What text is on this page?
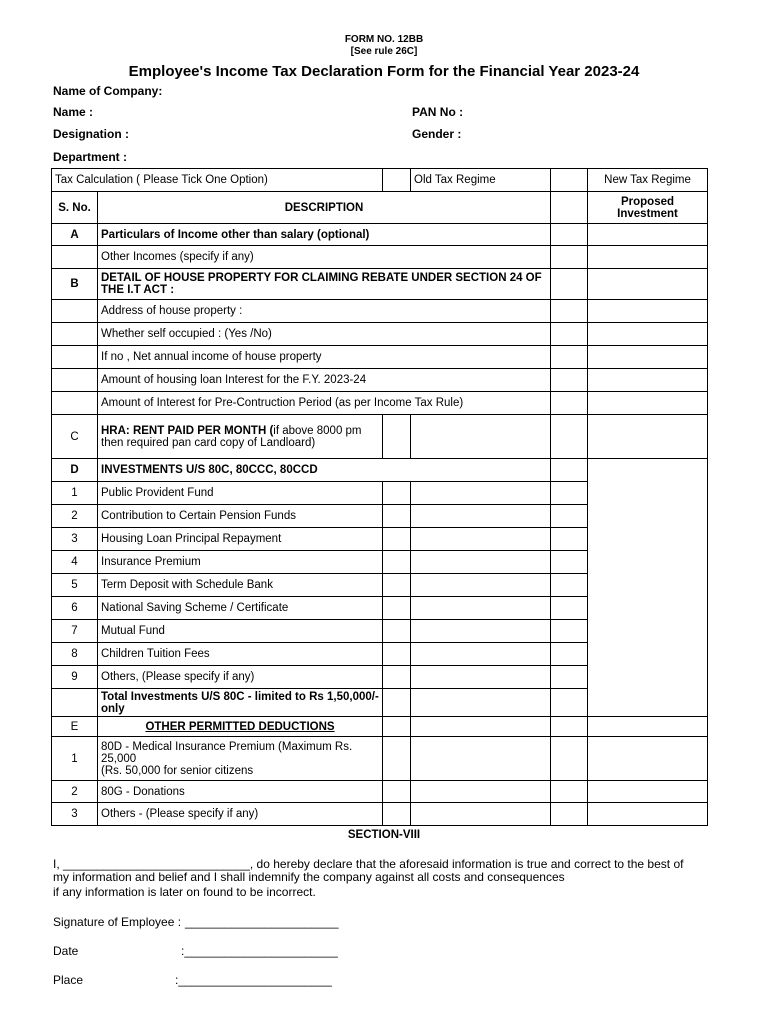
FORM NO. 12BB
[See rule 26C]
Employee's Income Tax Declaration Form for the Financial Year 2023-24
Name of Company:
Name :	PAN No :
Designation :	Gender :
Department :
Tax Calculation ( Please Tick One Option)			Old Tax Regime		New Tax Regime
S. No.	DESCRIPTION				Proposed Investment
A	Particulars of Income other than salary (optional)				
	Other Incomes (specify if any)				
B	DETAIL OF HOUSE PROPERTY FOR CLAIMING REBATE UNDER SECTION 24 OF THE I.T ACT :				
	Address of house property :				
	Whether self occupied : (Yes /No)				
	If no , Net annual income of house property				
	Amount of housing loan Interest for the F.Y. 2023-24				
	Amount of Interest for Pre-Contruction Period (as per Income Tax Rule)				
C	HRA: RENT PAID PER MONTH (if above 8000 pm then required pan card copy of Landloard)				
D	INVESTMENTS U/S 80C, 80CCC, 80CCD				
1	Public Provident Fund				
2	Contribution to Certain Pension Funds				
3	Housing Loan Principal Repayment				
4	Insurance Premium				
5	Term Deposit with Schedule Bank				
6	National Saving Scheme / Certificate				
7	Mutual Fund				
8	Children Tuition Fees				
9	Others, (Please specify if any)				
	Total Investments U/S 80C - limited to Rs 1,50,000/- only				
E	OTHER PERMITTED DEDUCTIONS				
1	80D - Medical Insurance Premium (Maximum Rs. 25,000
(Rs. 50,000 for senior citizens				
2	80G - Donations				
3	Others - (Please specify if any)				
SECTION-VIII
I, ____________________________, do hereby declare that the aforesaid information is true and correct to the best of
my information and belief and I shall indemnify the company against all costs and consequences
if any information is later on found to be incorrect.
Signature of Employee : _______________________
Date	:_______________________
Place	:_______________________
